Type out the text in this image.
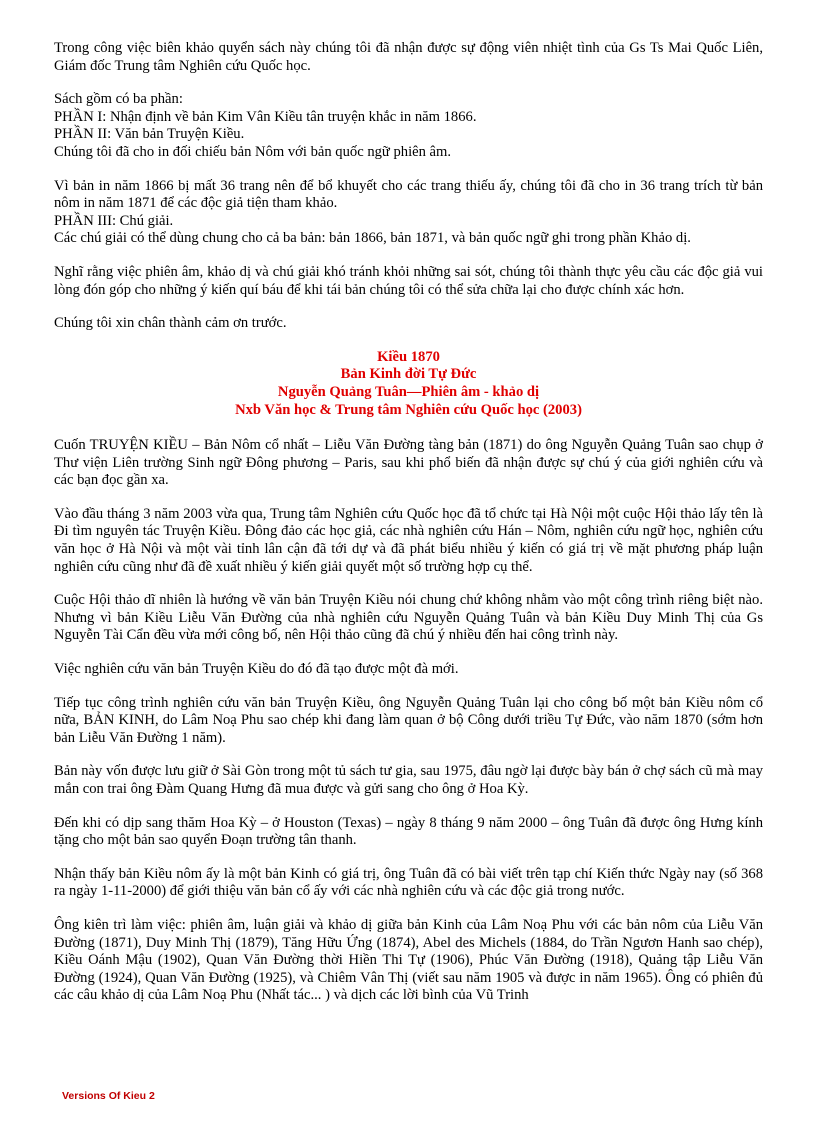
Trong công việc biên khảo quyển sách này chúng tôi đã nhận được sự động viên nhiệt tình của Gs Ts Mai Quốc Liên, Giám đốc Trung tâm Nghiên cứu Quốc học.

Sách gồm có ba phần:

PHẦN I: Nhận định về bản Kim Vân Kiều tân truyện khắc in năm 1866.

PHẦN II: Văn bản Truyện Kiều.

Chúng tôi đã cho in đối chiếu bản Nôm với bản quốc ngữ phiên âm.

Vì bản in năm 1866 bị mất 36 trang nên để bổ khuyết cho các trang thiếu ấy, chúng tôi đã cho in 36 trang trích từ bản nôm in năm 1871 để các độc giả tiện tham khảo.

PHẦN III: Chú giải.

Các chú giải có thể dùng chung cho cả ba bản: bản 1866, bản 1871, và bản quốc ngữ ghi trong phần Khảo dị.

Nghĩ rằng việc phiên âm, khảo dị và chú giải khó tránh khỏi những sai sót, chúng tôi thành thực yêu cầu các độc giả vui lòng đón góp cho những ý kiến quí báu để khi tái bản chúng tôi có thể sửa chữa lại cho được chính xác hơn.

Chúng tôi xin chân thành cảm ơn trước.

Kiều 1870
Bản Kinh đời Tự Đức
Nguyễn Quảng Tuân—Phiên âm - khảo dị
Nxb Văn học & Trung tâm Nghiên cứu Quốc học (2003)

Cuốn TRUYỆN KIỀU – Bản Nôm cổ nhất – Liễu Văn Đường tàng bản (1871) do ông Nguyễn Quảng Tuân sao chụp ở Thư viện Liên trường Sinh ngữ Đông phương – Paris, sau khi phổ biến đã nhận được sự chú ý của giới nghiên cứu và các bạn đọc gần xa.

Vào đầu tháng 3 năm 2003 vừa qua, Trung tâm Nghiên cứu Quốc học đã tổ chức tại Hà Nội một cuộc Hội thảo lấy tên là Đi tìm nguyên tác Truyện Kiều. Đông đảo các học giả, các nhà nghiên cứu Hán – Nôm, nghiên cứu ngữ học, nghiên cứu văn học ở Hà Nội và một vài tỉnh lân cận đã tới dự và đã phát biểu nhiều ý kiến có giá trị về mặt phương pháp luận nghiên cứu cũng như đã đề xuất nhiều ý kiến giải quyết một số trường hợp cụ thể.

Cuộc Hội thảo dĩ nhiên là hướng về văn bản Truyện Kiều nói chung chứ không nhằm vào một công trình riêng biệt nào. Nhưng vì bản Kiều Liễu Văn Đường của nhà nghiên cứu Nguyễn Quảng Tuân và bản Kiều Duy Minh Thị của Gs Nguyễn Tài Cẩn đều vừa mới công bố, nên Hội thảo cũng đã chú ý nhiều đến hai công trình này.

Việc nghiên cứu văn bản Truyện Kiều do đó đã tạo được một đà mới.

Tiếp tục công trình nghiên cứu văn bản Truyện Kiều, ông Nguyễn Quảng Tuân lại cho công bố một bản Kiều nôm cổ nữa, BẢN KINH, do Lâm Noạ Phu sao chép khi đang làm quan ở bộ Công dưới triều Tự Đức, vào năm 1870 (sớm hơn bản Liễu Văn Đường 1 năm).

Bản này vốn được lưu giữ ở Sài Gòn trong một tủ sách tư gia, sau 1975, đâu ngờ lại được bày bán ở chợ sách cũ mà may mắn con trai ông Đàm Quang Hưng đã mua được và gửi sang cho ông ở Hoa Kỳ.

Đến khi có dịp sang thăm Hoa Kỳ – ở Houston (Texas) – ngày 8 tháng 9 năm 2000 – ông Tuân đã được ông Hưng kính tặng cho một bản sao quyển Đoạn trường tân thanh.

Nhận thấy bản Kiều nôm ấy là một bản Kinh có giá trị, ông Tuân đã có bài viết trên tạp chí Kiến thức Ngày nay (số 368 ra ngày 1-11-2000) để giới thiệu văn bản cổ ấy với các nhà nghiên cứu và các độc giả trong nước.

Ông kiên trì làm việc: phiên âm, luận giải và khảo dị giữa bản Kinh của Lâm Noạ Phu với các bản nôm của Liễu Văn Đường (1871), Duy Minh Thị (1879), Tăng Hữu Ứng (1874), Abel des Michels (1884, do Trần Ngươn Hanh sao chép), Kiều Oánh Mậu (1902), Quan Văn Đường thời Hiền Thi Tự (1906), Phúc Văn Đường (1918), Quảng tập Liễu Văn Đường (1924), Quan Văn Đường (1925), và Chiêm Vân Thị (viết sau năm 1905 và được in năm 1965). Ông có phiên đủ các câu khảo dị của Lâm Noạ Phu (Nhất tác... ) và dịch các lời bình của Vũ Trinh

Versions Of Kieu 2
